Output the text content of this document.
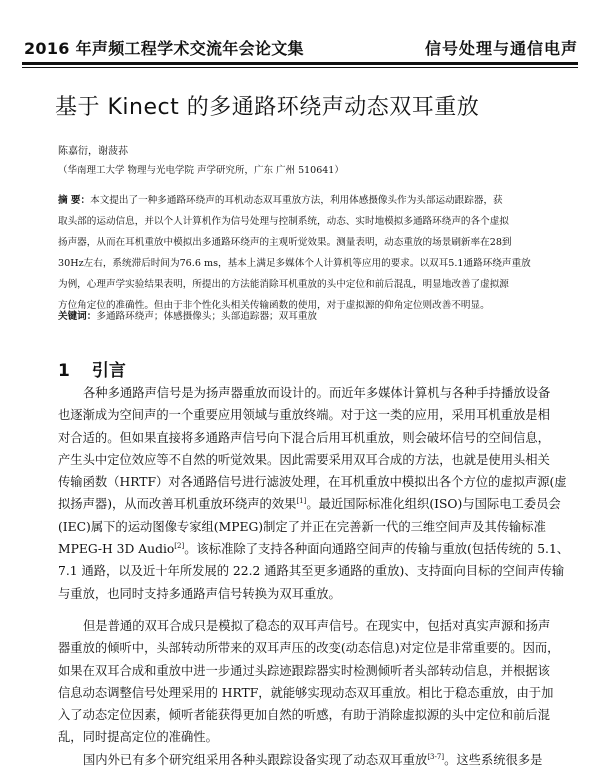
2016 年声频工程学术交流年会论文集	信号处理与通信电声
基于 Kinect 的多通路环绕声动态双耳重放
陈嘉衍，谢菠荪
（华南理工大学 物理与光电学院 声学研究所，广东 广州 510641）
摘 要：本文提出了一种多通路环绕声的耳机动态双耳重放方法，利用体感摄像头作为头部运动跟踪器，获
取头部的运动信息，并以个人计算机作为信号处理与控制系统，动态、实时地模拟多通路环绕声的各个虚拟
扬声器，从而在耳机重放中模拟出多通路环绕声的主观听觉效果。测量表明，动态重放的场景刷新率在28到
30Hz左右，系统滞后时间为76.6 ms，基本上满足多媒体个人计算机等应用的要求。以双耳5.1通路环绕声重放
为例，心理声学实验结果表明，所提出的方法能消除耳机重放的头中定位和前后混乱，明显地改善了虚拟源
方位角定位的准确性。但由于非个性化头相关传输函数的使用，对于虚拟源的仰角定位则改善不明显。
关键词：多通路环绕声；体感摄像头；头部追踪器；双耳重放
1 引言
各种多通路声信号是为扬声器重放而设计的。而近年多媒体计算机与各种手持播放设备
也逐渐成为空间声的一个重要应用领域与重放终端。对于这一类的应用，采用耳机重放是相
对合适的。但如果直接将多通路声信号向下混合后用耳机重放，则会破坏信号的空间信息，
产生头中定位效应等不自然的听觉效果。因此需要采用双耳合成的方法，也就是使用头相关
传输函数（HRTF）对各通路信号进行滤波处理，在耳机重放中模拟出各个方位的虚拟声源(虚
拟扬声器)，从而改善耳机重放环绕声的效果[1]。最近国际标准化组织(ISO)与国际电工委员会
(IEC)属下的运动图像专家组(MPEG)制定了并正在完善新一代的三维空间声及其传输标准
MPEG-H 3D Audio[2]。该标准除了支持各种面向通路空间声的传输与重放(包括传统的 5.1、
7.1 通路，以及近十年所发展的 22.2 通路其至更多通路的重放)、支持面向目标的空间声传输
与重放，也同时支持多通路声信号转换为双耳重放。
但是普通的双耳合成只是模拟了稳态的双耳声信号。在现实中，包括对真实声源和扬声
器重放的倾听中，头部转动所带来的双耳声压的改变(动态信息)对定位是非常重要的。因而，
如果在双耳合成和重放中进一步通过头踪迹跟踪器实时检测倾听者头部转动信息，并根据该
信息动态调整信号处理采用的 HRTF，就能够实现动态双耳重放。相比于稳态重放，由于加
入了动态定位因素，倾听者能获得更加自然的听感，有助于消除虚拟源的头中定位和前后混
乱，同时提高定位的准确性。
国内外已有多个研究组采用各种头跟踪设备实现了动态双耳重放[3-7]。这些系统很多是
